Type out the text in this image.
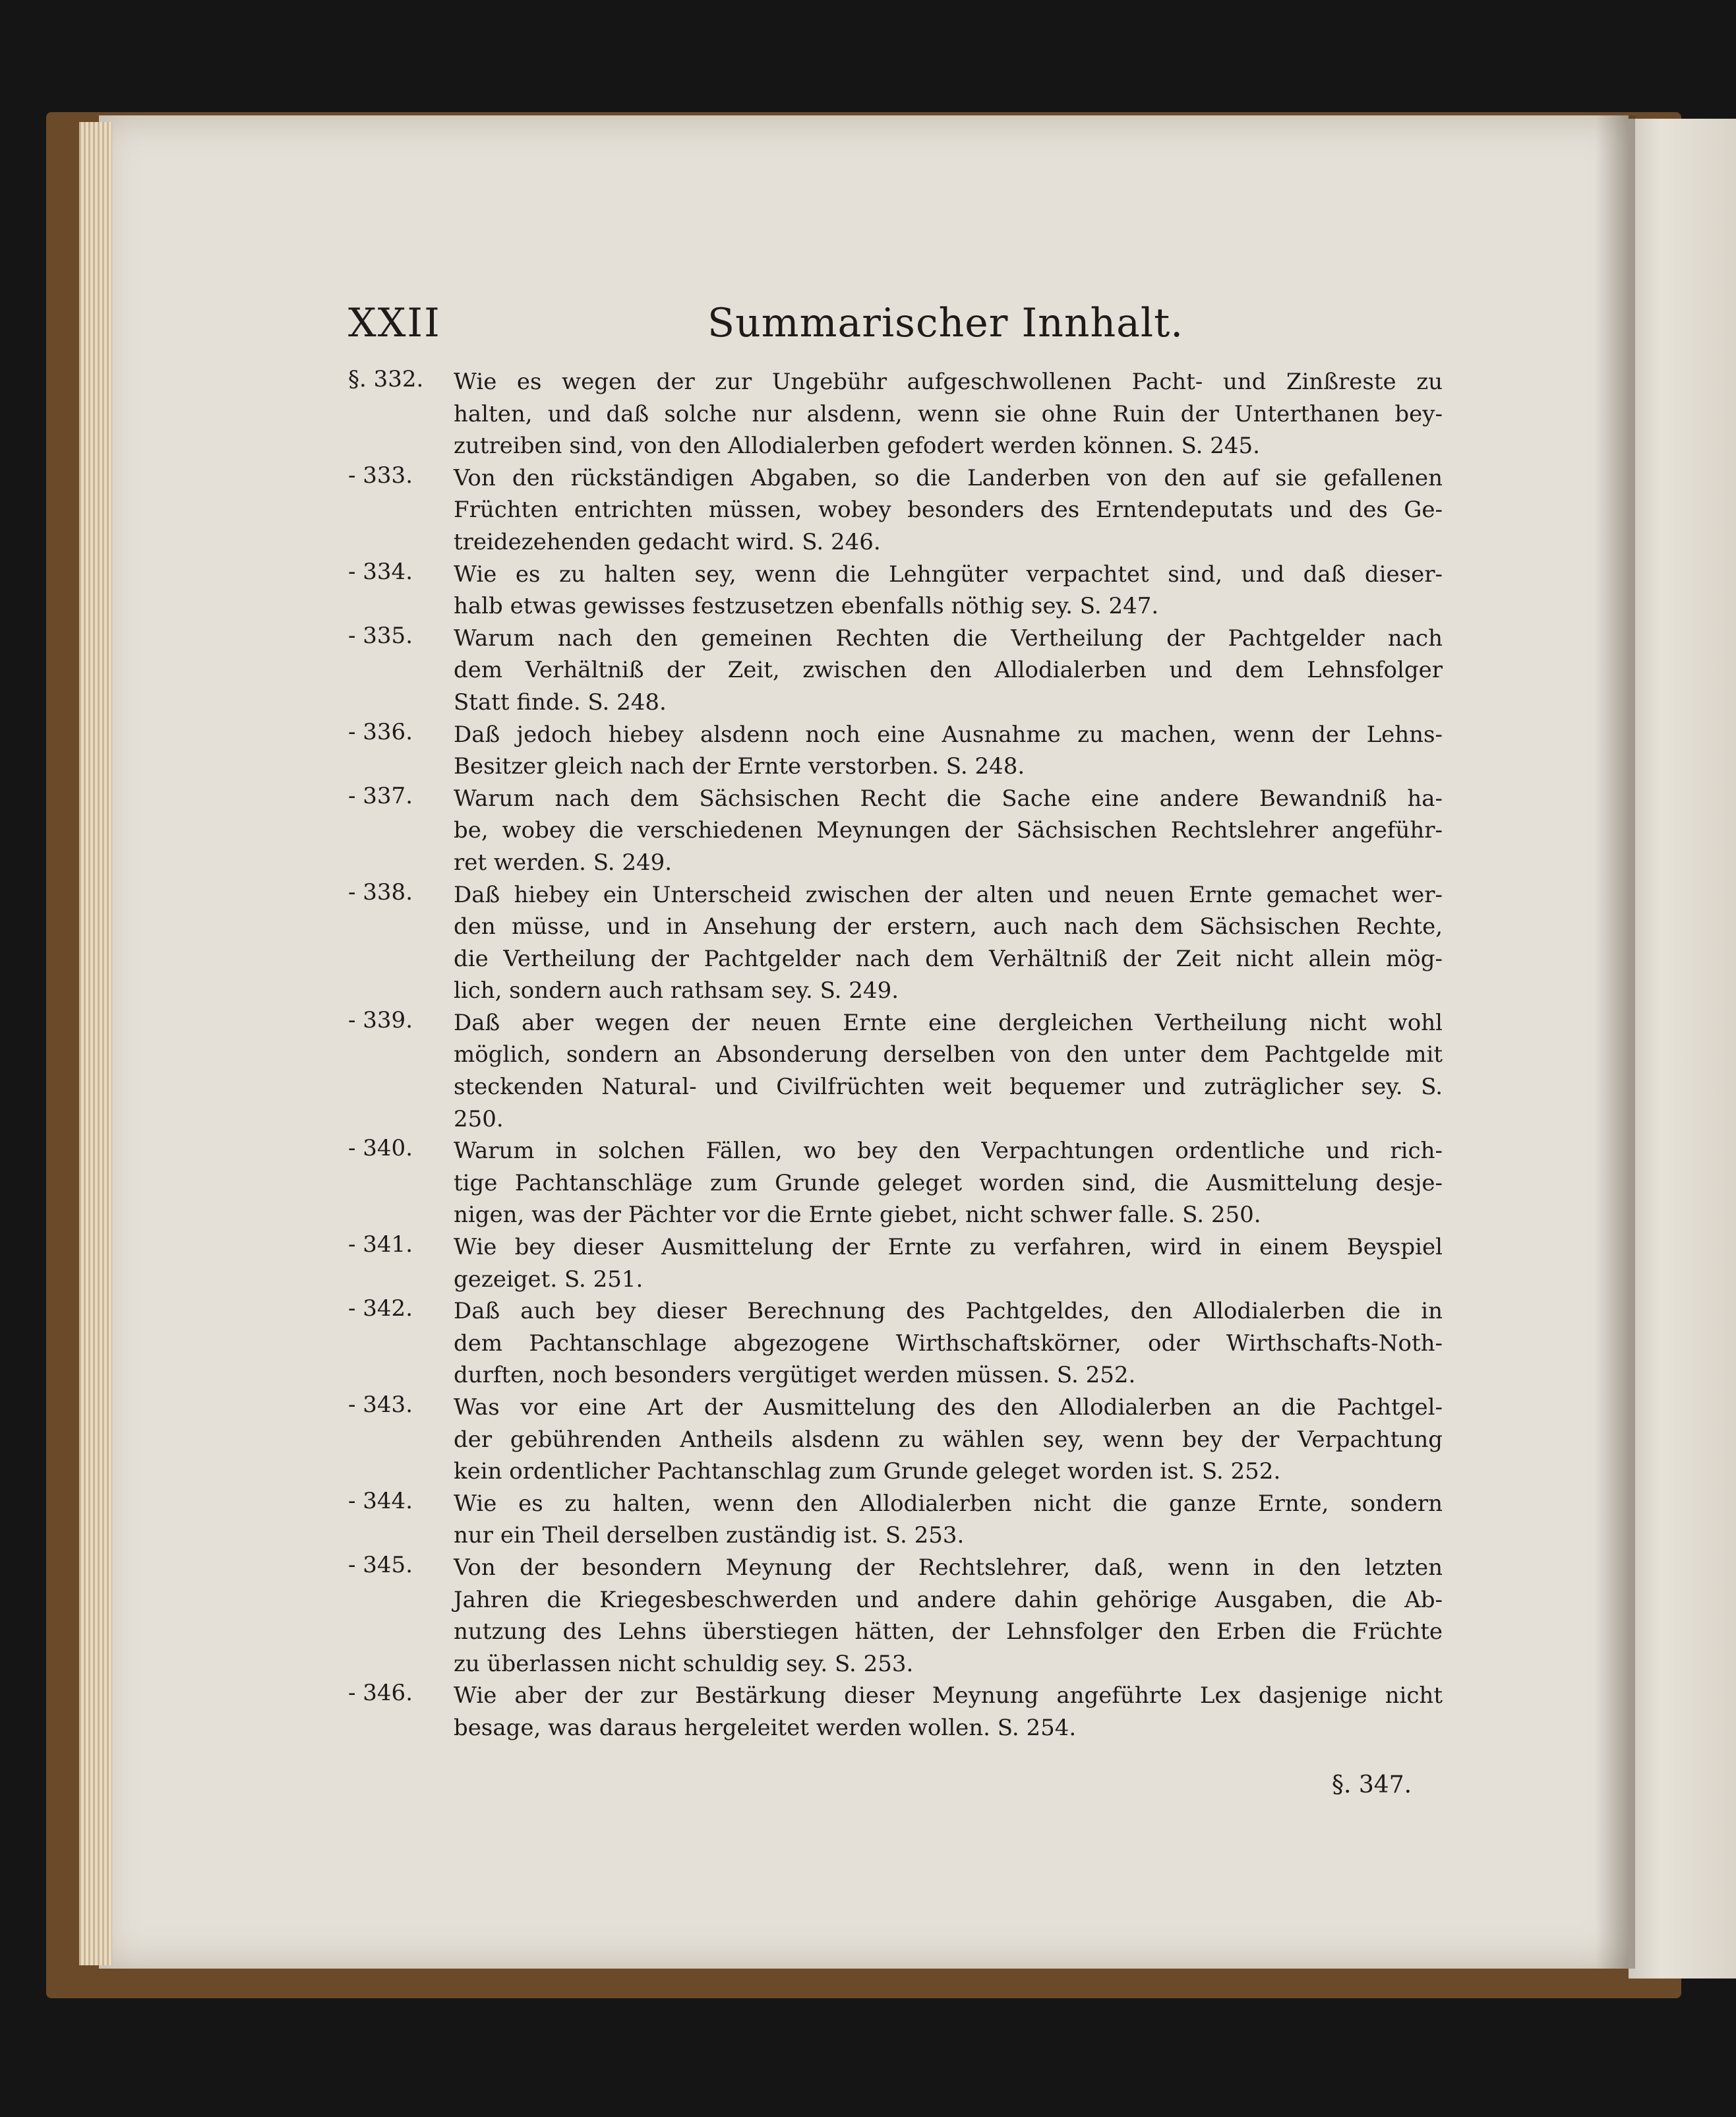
XXII	Summarischer Innhalt.
§. 332. Wie es wegen der zur Ungebühr aufgeschwollenen Pacht- und Zinßreste zu
halten, und daß solche nur alsdenn, wenn sie ohne Ruin der Unterthanen bey-
zutreiben sind, von den Allodialerben gefodert werden können. S. 245.
- 333. Von den rückständigen Abgaben, so die Landerben von den auf sie gefallenen
Früchten entrichten müssen, wobey besonders des Erntendeputats und des Ge-
treidezehenden gedacht wird. S. 246.
- 334. Wie es zu halten sey, wenn die Lehngüter verpachtet sind, und daß dieser-
halb etwas gewisses festzusetzen ebenfalls nöthig sey. S. 247.
- 335. Warum nach den gemeinen Rechten die Vertheilung der Pachtgelder nach
dem Verhältniß der Zeit, zwischen den Allodialerben und dem Lehnsfolger
Statt finde. S. 248.
- 336. Daß jedoch hiebey alsdenn noch eine Ausnahme zu machen, wenn der Lehns-
Besitzer gleich nach der Ernte verstorben. S. 248.
- 337. Warum nach dem Sächsischen Recht die Sache eine andere Bewandniß ha-
be, wobey die verschiedenen Meynungen der Sächsischen Rechtslehrer angeführ-
ret werden. S. 249.
- 338. Daß hiebey ein Unterscheid zwischen der alten und neuen Ernte gemachet wer-
den müsse, und in Ansehung der erstern, auch nach dem Sächsischen Rechte,
die Vertheilung der Pachtgelder nach dem Verhältniß der Zeit nicht allein mög-
lich, sondern auch rathsam sey. S. 249.
- 339. Daß aber wegen der neuen Ernte eine dergleichen Vertheilung nicht wohl
möglich, sondern an Absonderung derselben von den unter dem Pachtgelde mit
steckenden Natural- und Civilfrüchten weit bequemer und zuträglicher sey. S.
250.
- 340. Warum in solchen Fällen, wo bey den Verpachtungen ordentliche und rich-
tige Pachtanschläge zum Grunde geleget worden sind, die Ausmittelung desje-
nigen, was der Pächter vor die Ernte giebet, nicht schwer falle. S. 250.
- 341. Wie bey dieser Ausmittelung der Ernte zu verfahren, wird in einem Beyspiel
gezeiget. S. 251.
- 342. Daß auch bey dieser Berechnung des Pachtgeldes, den Allodialerben die in
dem Pachtanschlage abgezogene Wirthschaftskörner, oder Wirthschafts-Noth-
durften, noch besonders vergütiget werden müssen. S. 252.
- 343. Was vor eine Art der Ausmittelung des den Allodialerben an die Pachtgel-
der gebührenden Antheils alsdenn zu wählen sey, wenn bey der Verpachtung
kein ordentlicher Pachtanschlag zum Grunde geleget worden ist. S. 252.
- 344. Wie es zu halten, wenn den Allodialerben nicht die ganze Ernte, sondern
nur ein Theil derselben zuständig ist. S. 253.
- 345. Von der besondern Meynung der Rechtslehrer, daß, wenn in den letzten
Jahren die Kriegesbeschwerden und andere dahin gehörige Ausgaben, die Ab-
nutzung des Lehns überstiegen hätten, der Lehnsfolger den Erben die Früchte
zu überlassen nicht schuldig sey. S. 253.
- 346. Wie aber der zur Bestärkung dieser Meynung angeführte Lex dasjenige nicht
besage, was daraus hergeleitet werden wollen. S. 254.
§. 347.
